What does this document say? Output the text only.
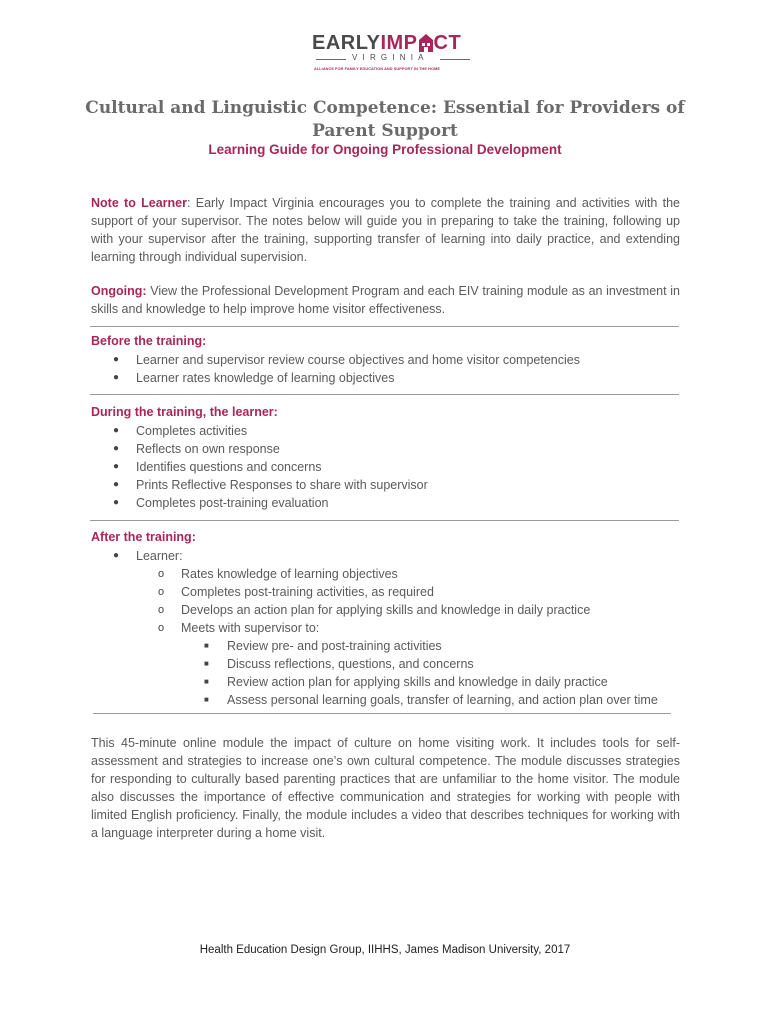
EARLYIMP CT
VIRGINIA
ALLIANCE FOR FAMILY EDUCATION AND SUPPORT IN THE HOME
Cultural and Linguistic Competence: Essential for Providers of Parent Support
Learning Guide for Ongoing Professional Development

Note to Learner: Early Impact Virginia encourages you to complete the training and activities with the support of your supervisor. The notes below will guide you in preparing to take the training, following up with your supervisor after the training, supporting transfer of learning into daily practice, and extending learning through individual supervision.

Ongoing: View the Professional Development Program and each EIV training module as an investment in skills and knowledge to help improve home visitor effectiveness.

Before the training:

● Learner and supervisor review course objectives and home visitor competencies
● Learner rates knowledge of learning objectives

During the training, the learner:

● Completes activities
● Reflects on own response
● Identifies questions and concerns
● Prints Reflective Responses to share with supervisor
● Completes post-training evaluation

After the training:

● Learner:
o Rates knowledge of learning objectives
o Completes post-training activities, as required
o Develops an action plan for applying skills and knowledge in daily practice
o Meets with supervisor to:
■ Review pre- and post-training activities
■ Discuss reflections, questions, and concerns
■ Review action plan for applying skills and knowledge in daily practice
■ Assess personal learning goals, transfer of learning, and action plan over time

This 45-minute online module the impact of culture on home visiting work. It includes tools for self-assessment and strategies to increase one’s own cultural competence. The module discusses strategies for responding to culturally based parenting practices that are unfamiliar to the home visitor. The module also discusses the importance of effective communication and strategies for working with people with limited English proficiency. Finally, the module includes a video that describes techniques for working with a language interpreter during a home visit.

Health Education Design Group, IIHHS, James Madison University, 2017
